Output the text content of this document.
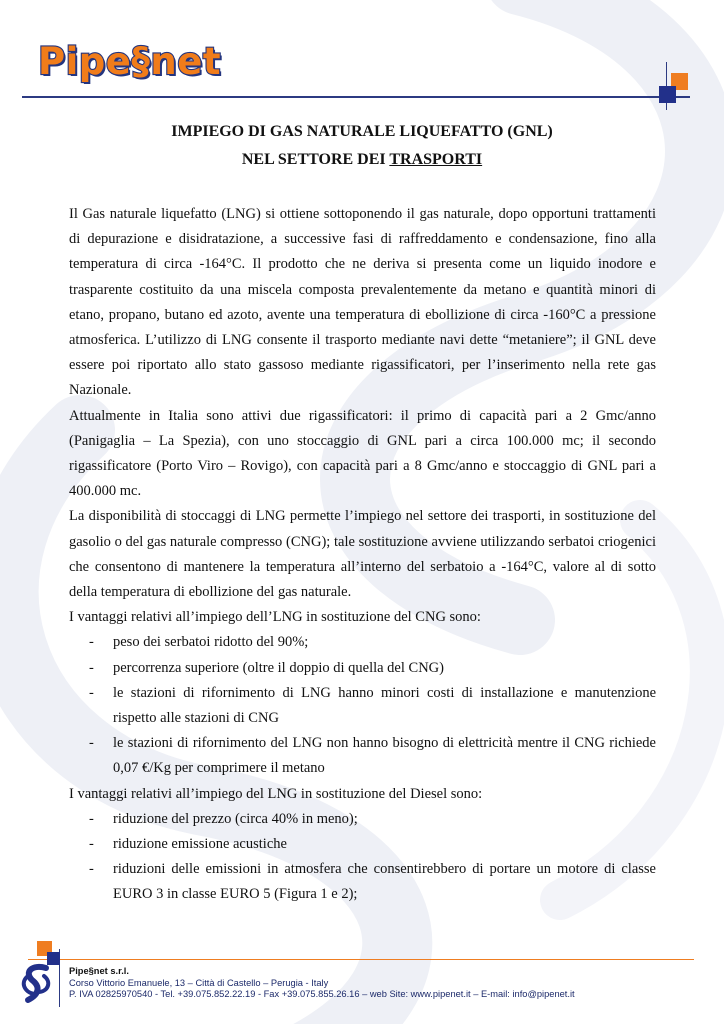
Pipe§net
IMPIEGO DI GAS NATURALE LIQUEFATTO (GNL)
NEL SETTORE DEI TRASPORTI

Il Gas naturale liquefatto (LNG) si ottiene sottoponendo il gas naturale, dopo opportuni trattamenti di depurazione e disidratazione, a successive fasi di raffreddamento e condensazione, fino alla temperatura di circa -164°C. Il prodotto che ne deriva si presenta come un liquido inodore e trasparente costituito da una miscela composta prevalentemente da metano e quantità minori di etano, propano, butano ed azoto, avente una temperatura di ebollizione di circa -160°C a pressione atmosferica. L’utilizzo di LNG consente il trasporto mediante navi dette “metaniere”; il GNL deve essere poi riportato allo stato gassoso mediante rigassificatori, per l’inserimento nella rete gas Nazionale.

Attualmente in Italia sono attivi due rigassificatori: il primo di capacità pari a 2 Gmc/anno (Panigaglia – La Spezia), con uno stoccaggio di GNL pari a circa 100.000 mc; il secondo rigassificatore (Porto Viro – Rovigo), con capacità pari a 8 Gmc/anno e stoccaggio di GNL pari a 400.000 mc.

La disponibilità di stoccaggi di LNG permette l’impiego nel settore dei trasporti, in sostituzione del gasolio o del gas naturale compresso (CNG); tale sostituzione avviene utilizzando serbatoi criogenici che consentono di mantenere la temperatura all’interno del serbatoio a -164°C, valore al di sotto della temperatura di ebollizione del gas naturale.

I vantaggi relativi all’impiego dell’LNG in sostituzione del CNG sono:

- peso dei serbatoi ridotto del 90%;
- percorrenza superiore (oltre il doppio di quella del CNG)
- le stazioni di rifornimento di LNG hanno minori costi di installazione e manutenzione rispetto alle stazioni di CNG
- le stazioni di rifornimento del LNG non hanno bisogno di elettricità mentre il CNG richiede 0,07 €/Kg per comprimere il metano

I vantaggi relativi all’impiego del LNG in sostituzione del Diesel sono:

- riduzione del prezzo (circa 40% in meno);
- riduzione emissione acustiche
- riduzioni delle emissioni in atmosfera che consentirebbero di portare un motore di classe EURO 3 in classe EURO 5 (Figura 1 e 2);
Pipe§net s.r.l.
Corso Vittorio Emanuele, 13 – Città di Castello – Perugia - Italy
P. IVA 02825970540 - Tel. +39.075.852.22.19 - Fax +39.075.855.26.16 – web Site: www.pipenet.it – E-mail: info@pipenet.it
